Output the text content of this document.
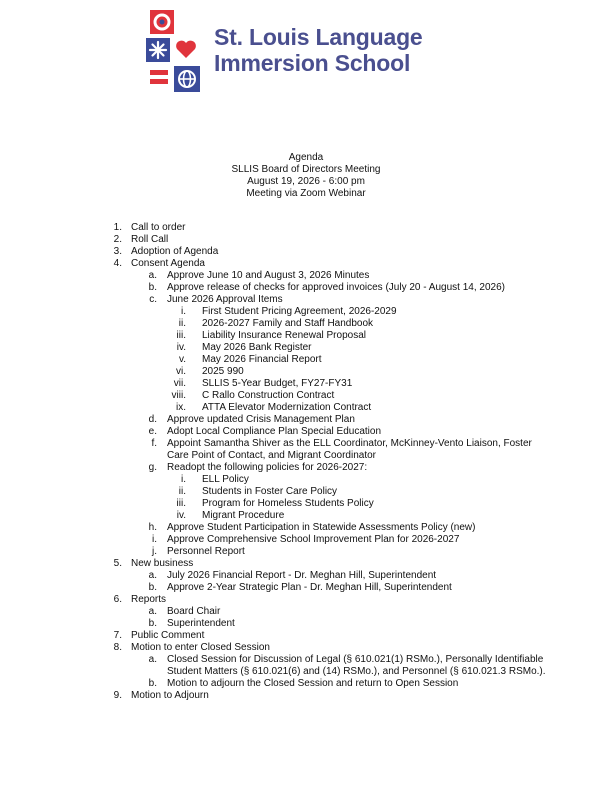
St. Louis Language
Immersion School
Agenda
SLLIS Board of Directors Meeting
August 19, 2026 - 6:00 pm
Meeting via Zoom Webinar
1. Call to order
2. Roll Call
3. Adoption of Agenda
4. Consent Agenda
a. Approve June 10 and August 3, 2026 Minutes
b. Approve release of checks for approved invoices (July 20 - August 14, 2026)
c. June 2026 Approval Items
i. First Student Pricing Agreement, 2026-2029
ii. 2026-2027 Family and Staff Handbook
iii. Liability Insurance Renewal Proposal
iv. May 2026 Bank Register
v. May 2026 Financial Report
vi. 2025 990
vii. SLLIS 5-Year Budget, FY27-FY31
viii. C Rallo Construction Contract
ix. ATTA Elevator Modernization Contract
d. Approve updated Crisis Management Plan
e. Adopt Local Compliance Plan Special Education
f. Appoint Samantha Shiver as the ELL Coordinator, McKinney-Vento Liaison, Foster
Care Point of Contact, and Migrant Coordinator
g. Readopt the following policies for 2026-2027:
i. ELL Policy
ii. Students in Foster Care Policy
iii. Program for Homeless Students Policy
iv. Migrant Procedure
h. Approve Student Participation in Statewide Assessments Policy (new)
i. Approve Comprehensive School Improvement Plan for 2026-2027
j. Personnel Report
5. New business
a. July 2026 Financial Report - Dr. Meghan Hill, Superintendent
b. Approve 2-Year Strategic Plan - Dr. Meghan Hill, Superintendent
6. Reports
a. Board Chair
b. Superintendent
7. Public Comment
8. Motion to enter Closed Session
a. Closed Session for Discussion of Legal (§ 610.021(1) RSMo.), Personally Identifiable
Student Matters (§ 610.021(6) and (14) RSMo.), and Personnel (§ 610.021.3 RSMo.).
b. Motion to adjourn the Closed Session and return to Open Session
9. Motion to Adjourn
